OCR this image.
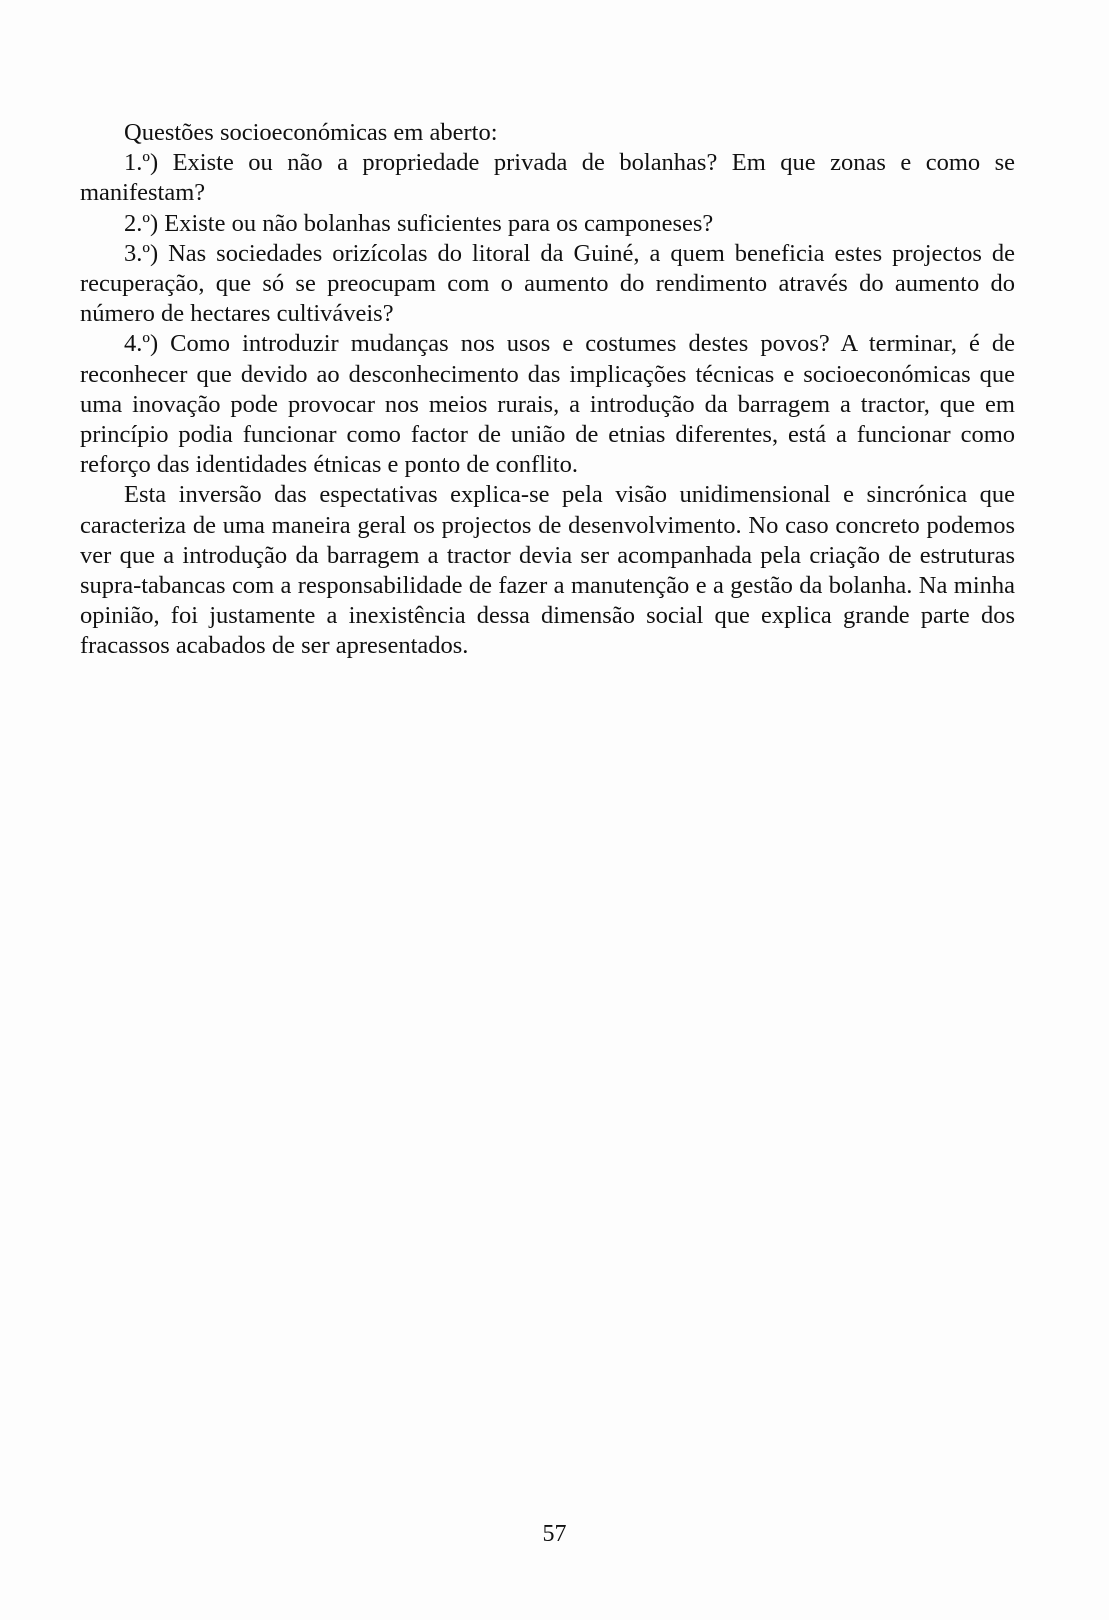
Questões socioeconómicas em aberto:

1.º) Existe ou não a propriedade privada de bolanhas? Em que zonas e como se manifestam?

2.º) Existe ou não bolanhas suficientes para os camponeses?

3.º) Nas sociedades orizícolas do litoral da Guiné, a quem beneficia estes projectos de recuperação, que só se preocupam com o aumento do rendimento através do aumento do número de hectares cultiváveis?

4.º) Como introduzir mudanças nos usos e costumes destes povos? A terminar, é de reconhecer que devido ao desconhecimento das implicações técnicas e socioeconómicas que uma inovação pode provocar nos meios rurais, a introdução da barragem a tractor, que em princípio podia funcionar como factor de união de etnias diferentes, está a funcionar como reforço das identidades étnicas e ponto de conflito.

Esta inversão das espectativas explica-se pela visão unidimensional e sincrónica que caracteriza de uma maneira geral os projectos de desenvolvimento. No caso concreto podemos ver que a introdução da barragem a tractor devia ser acompanhada pela criação de estruturas supra-tabancas com a responsabilidade de fazer a manutenção e a gestão da bolanha. Na minha opinião, foi justamente a inexistência dessa dimensão social que explica grande parte dos fracassos acabados de ser apresentados.

57
